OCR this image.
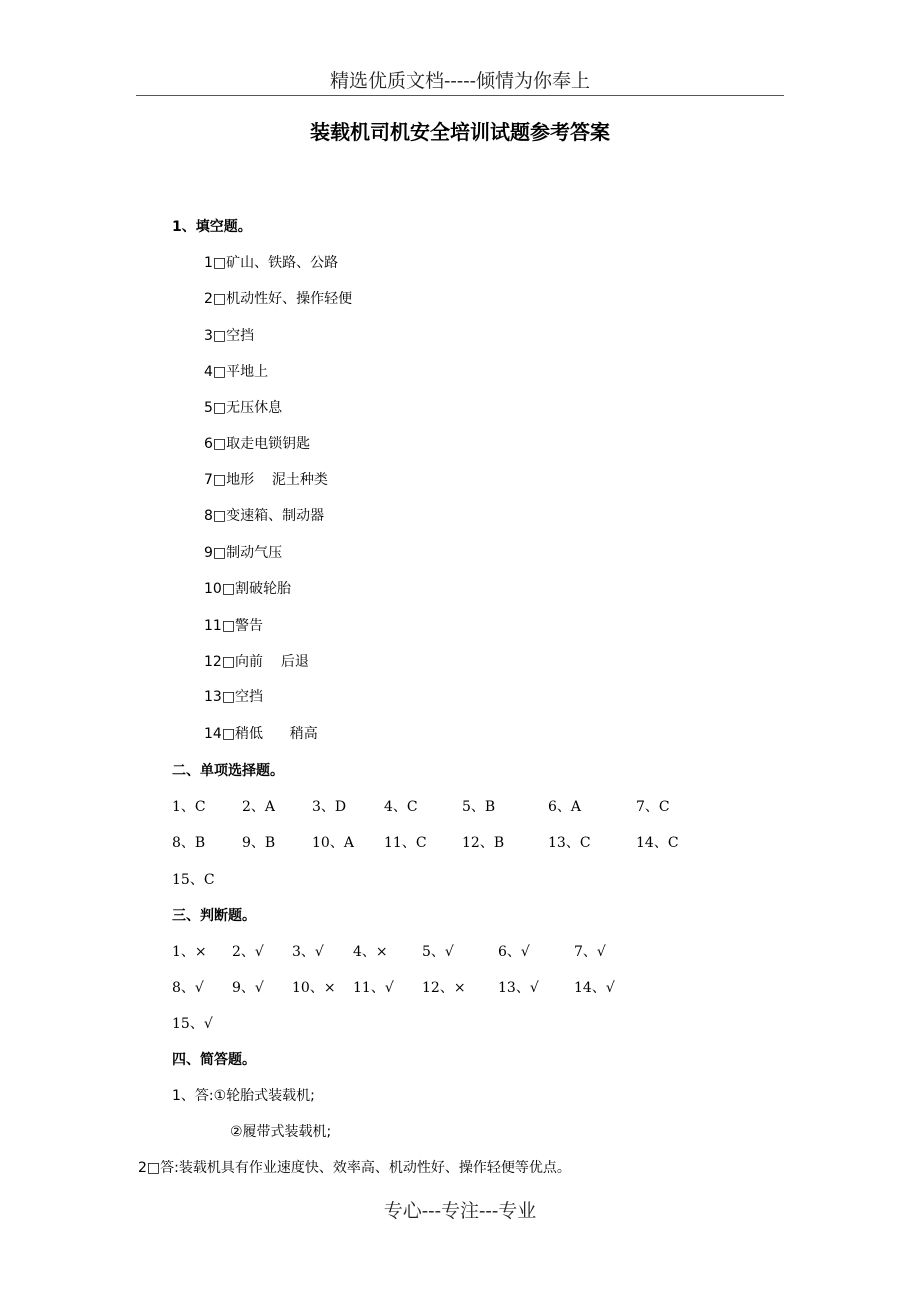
精选优质文档-----倾情为你奉上
装载机司机安全培训试题参考答案
1、填空题。
1□矿山、铁路、公路
2□机动性好、操作轻便
3□空挡
4□平地上
5□无压休息
6□取走电锁钥匙
7□地形    泥土种类
8□变速箱、制动器
9□制动气压
10□割破轮胎
11□警告
12□向前    后退
13□空挡
14□稍低      稍高
二、单项选择题。
1、C	2、A	3、D	4、C	5、B	6、A	7、C
8、B	9、B	10、A 11、C	12、B	13、C	14、C
15、C
三、判断题。
1、× 2、√ 3、√ 4、× 5、√	6、√	7、√
8、√ 9、√ 10、× 11、√ 12、× 13、√	14、√
15、√
四、简答题。
1、答:①轮胎式装载机;
②履带式装载机;
2□答:装载机具有作业速度快、效率高、机动性好、操作轻便等优点。
专心---专注---专业
